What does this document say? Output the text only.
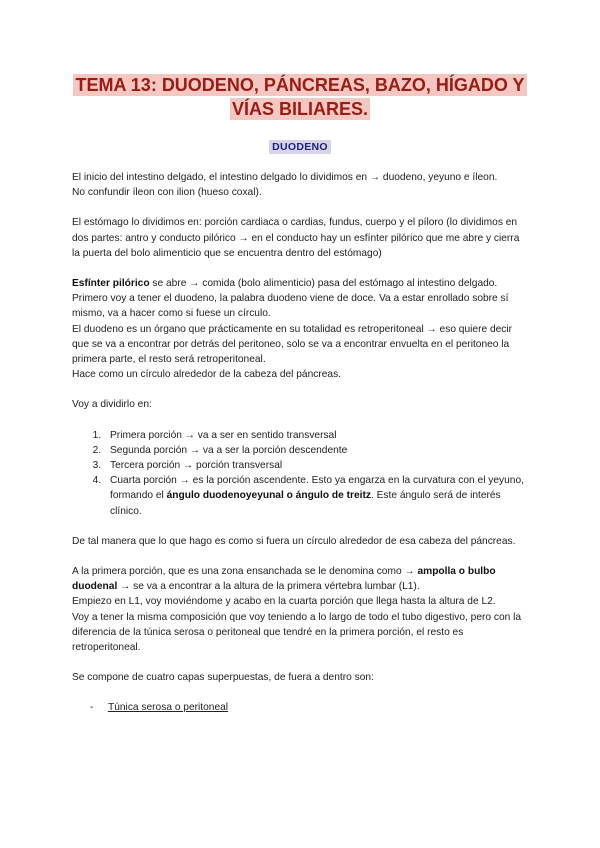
TEMA 13: DUODENO, PÁNCREAS, BAZO, HÍGADO Y VÍAS BILIARES.
DUODENO

El inicio del intestino delgado, el intestino delgado lo dividimos en → duodeno, yeyuno e íleon.

No confundir íleon con ilion (hueso coxal).

El estómago lo dividimos en: porción cardiaca o cardias, fundus, cuerpo y el píloro (lo dividimos en dos partes: antro y conducto pilórico → en el conducto hay un esfínter pilórico que me abre y cierra la puerta del bolo alimenticio que se encuentra dentro del estómago)

Esfínter pilórico se abre → comida (bolo alimenticio) pasa del estómago al intestino delgado.

Primero voy a tener el duodeno, la palabra duodeno viene de doce. Va a estar enrollado sobre sí mismo, va a hacer como si fuese un círculo.

El duodeno es un órgano que prácticamente en su totalidad es retroperitoneal → eso quiere decir que se va a encontrar por detrás del peritoneo, solo se va a encontrar envuelta en el peritoneo la primera parte, el resto será retroperitoneal.

Hace como un círculo alrededor de la cabeza del páncreas.

Voy a dividirlo en:

1. Primera porción → va a ser en sentido transversal
2. Segunda porción → va a ser la porción descendente
3. Tercera porción → porción transversal
4. Cuarta porción → es la porción ascendente. Esto ya engarza en la curvatura con el yeyuno, formando el ángulo duodenoyeyunal o ángulo de treitz. Este ángulo será de interés clínico.

De tal manera que lo que hago es como si fuera un círculo alrededor de esa cabeza del páncreas.

A la primera porción, que es una zona ensanchada se le denomina como → ampolla o bulbo duodenal → se va a encontrar a la altura de la primera vértebra lumbar (L1).

Empiezo en L1, voy moviéndome y acabo en la cuarta porción que llega hasta la altura de L2.

Voy a tener la misma composición que voy teniendo a lo largo de todo el tubo digestivo, pero con la diferencia de la túnica serosa o peritoneal que tendré en la primera porción, el resto es retroperitoneal.

Se compone de cuatro capas superpuestas, de fuera a dentro son:

- Túnica serosa o peritoneal
